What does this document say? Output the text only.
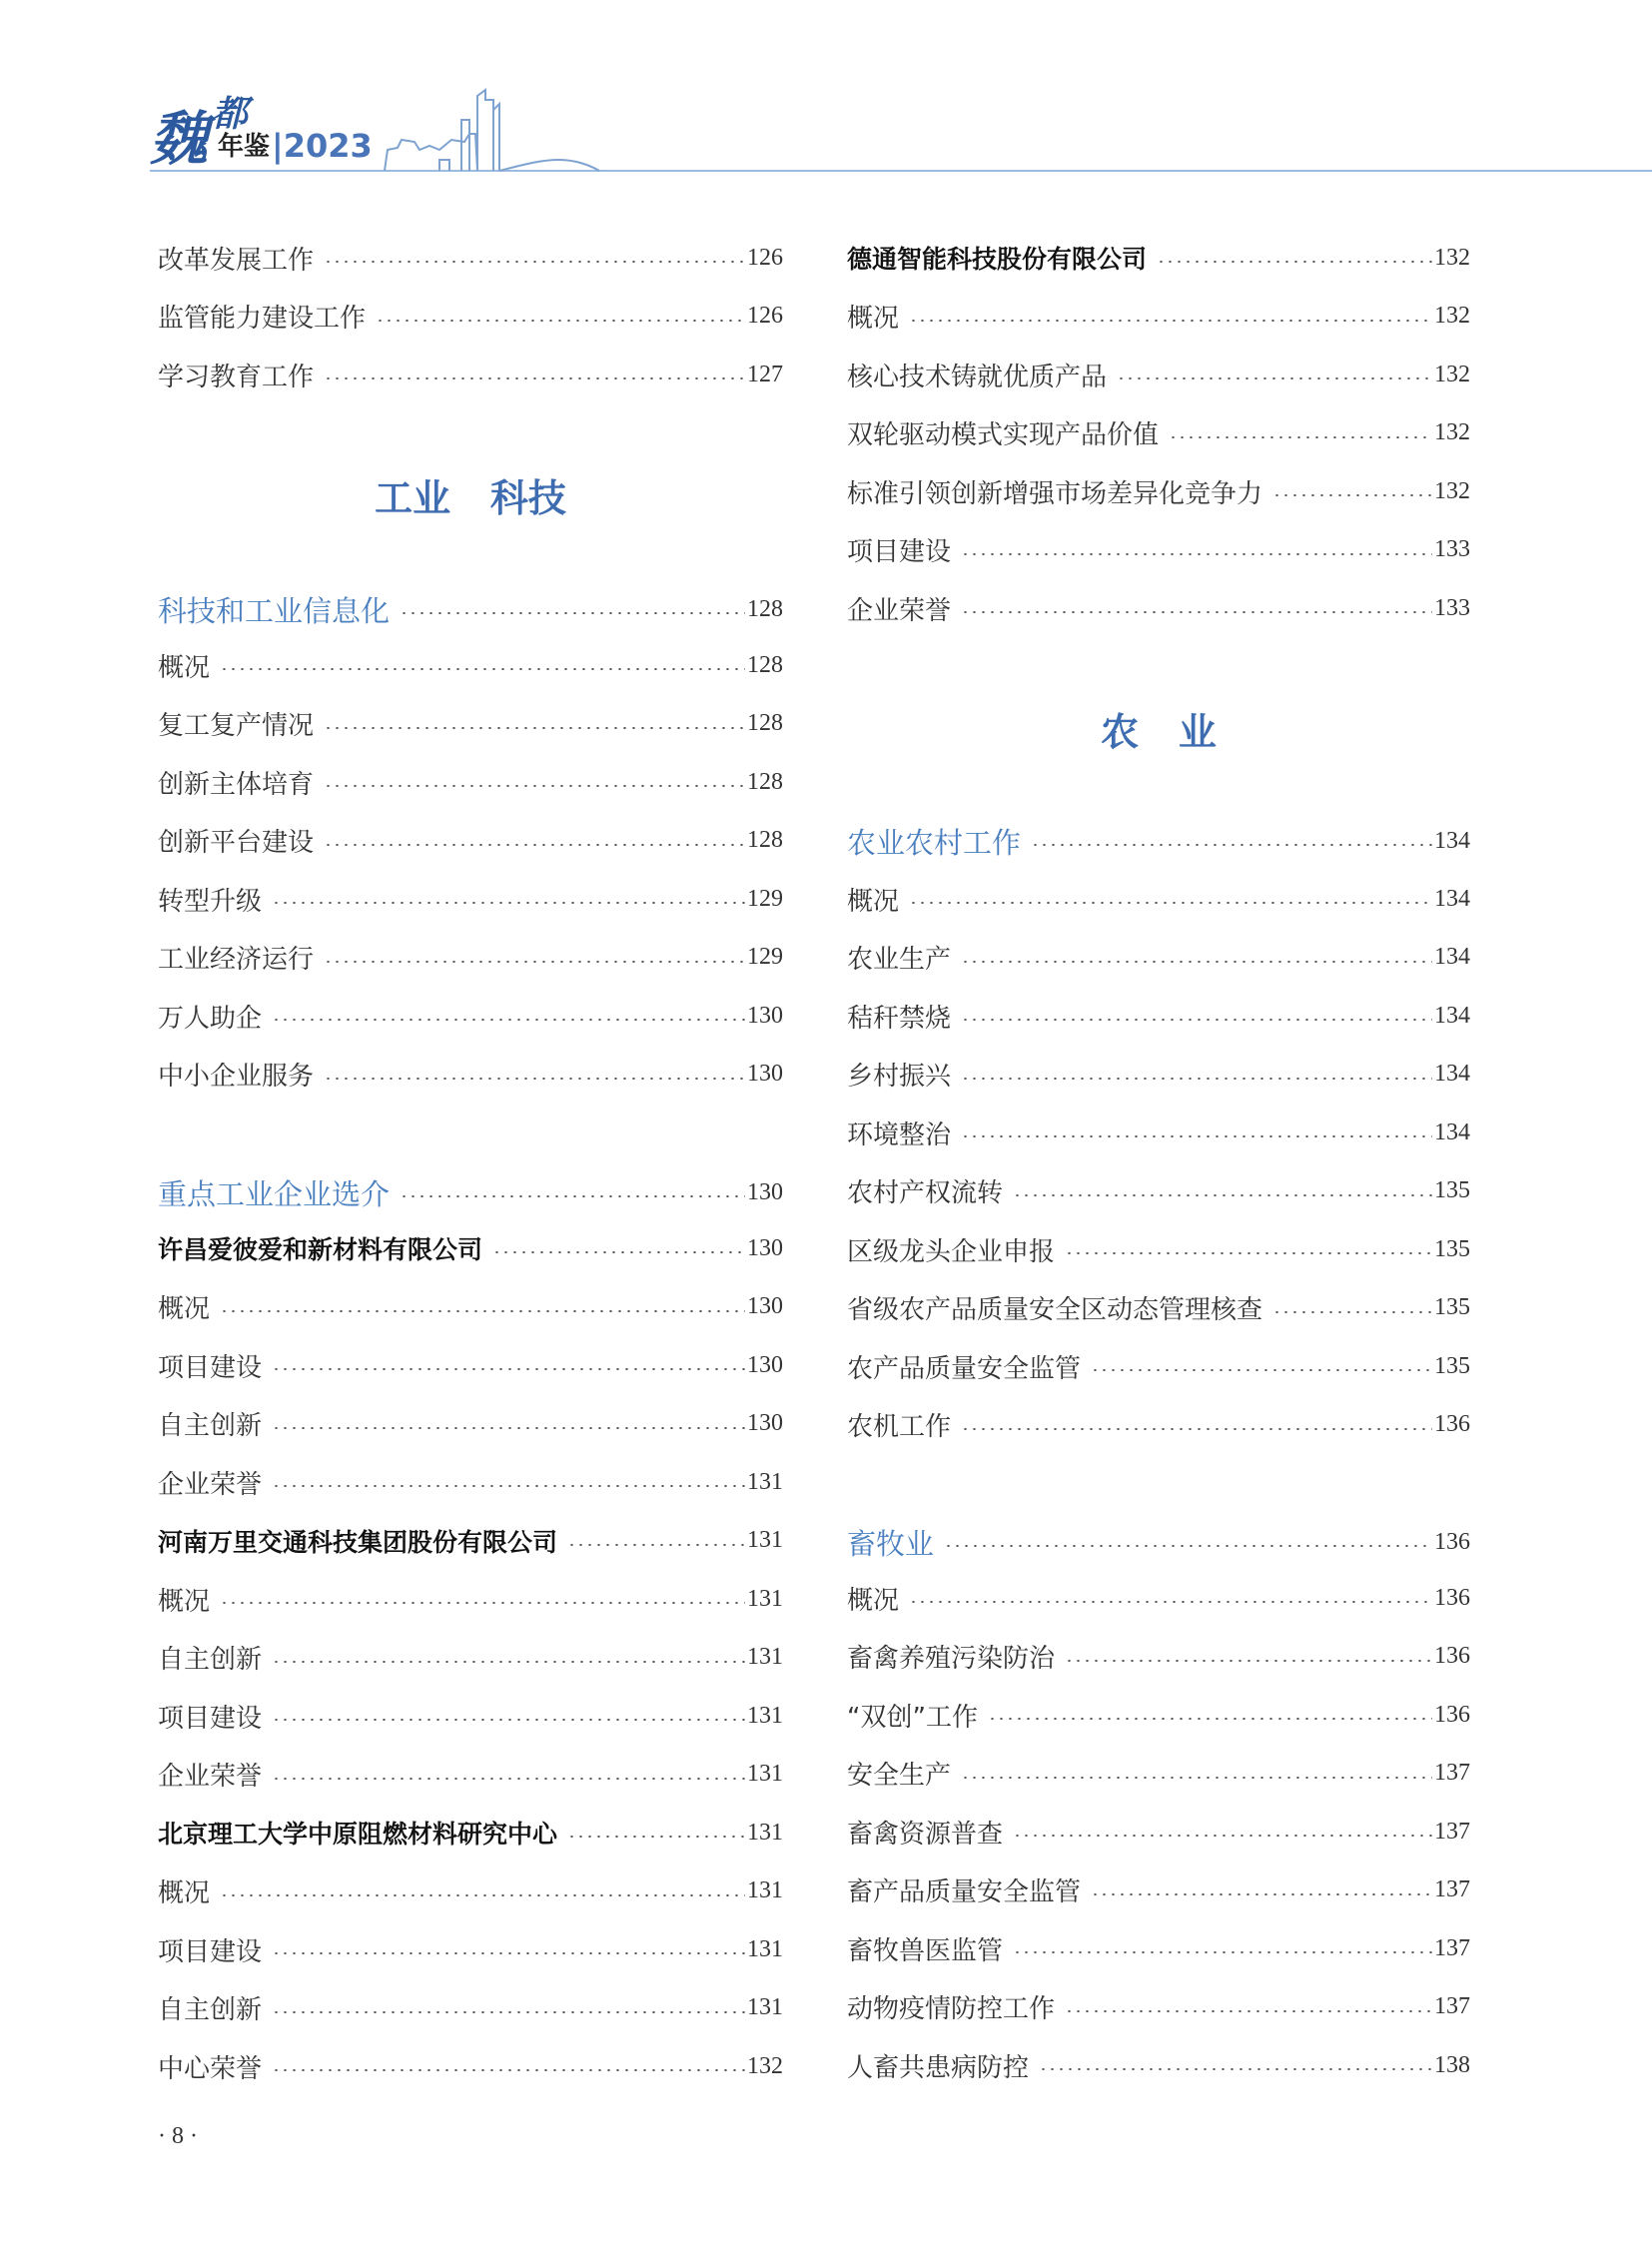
魏 都
年鉴 |2023
改革发展工作	126
监管能力建设工作	126
学习教育工作	127
工业   科技
科技和工业信息化	128
概况	128
复工复产情况	128
创新主体培育	128
创新平台建设	128
转型升级	129
工业经济运行	129
万人助企	130
中小企业服务	130
重点工业企业选介	130
许昌爱彼爱和新材料有限公司	130
概况	130
项目建设	130
自主创新	130
企业荣誉	131
河南万里交通科技集团股份有限公司	131
概况	131
自主创新	131
项目建设	131
企业荣誉	131
北京理工大学中原阻燃材料研究中心	131
概况	131
项目建设	131
自主创新	131
中心荣誉	132
德通智能科技股份有限公司	132
概况	132
核心技术铸就优质产品	132
双轮驱动模式实现产品价值	132
标准引领创新增强市场差异化竞争力	132
项目建设	133
企业荣誉	133
农   业
农业农村工作	134
概况	134
农业生产	134
秸秆禁烧	134
乡村振兴	134
环境整治	134
农村产权流转	135
区级龙头企业申报	135
省级农产品质量安全区动态管理核查	135
农产品质量安全监管	135
农机工作	136
畜牧业	136
概况	136
畜禽养殖污染防治	136
“双创”工作	136
安全生产	137
畜禽资源普查	137
畜产品质量安全监管	137
畜牧兽医监管	137
动物疫情防控工作	137
人畜共患病防控	138
· 8 ·
